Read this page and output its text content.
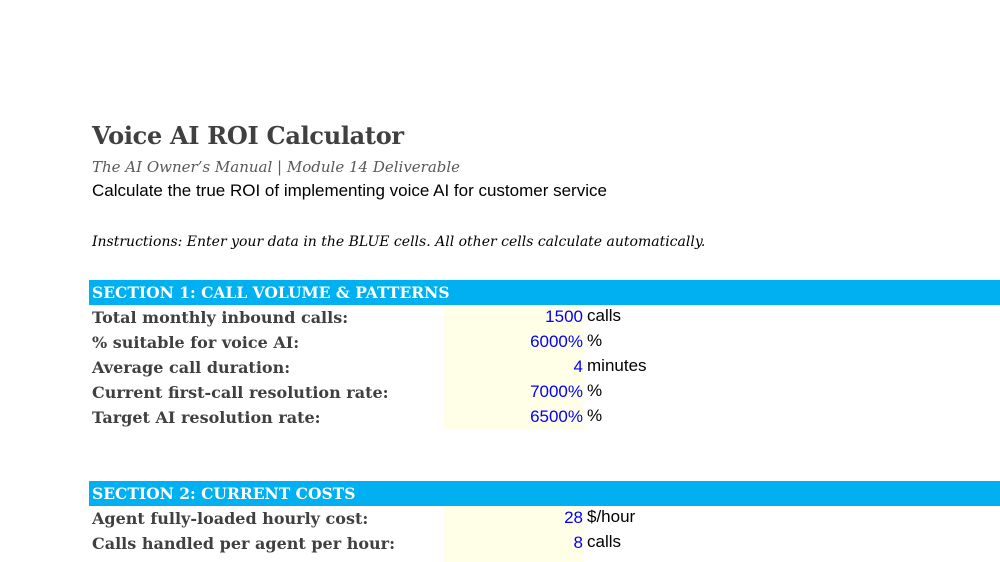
Voice AI ROI Calculator
The AI Owner’s Manual | Module 14 Deliverable
Calculate the true ROI of implementing voice AI for customer service
Instructions: Enter your data in the BLUE cells. All other cells calculate automatically.
SECTION 1: CALL VOLUME & PATTERNS
Total monthly inbound calls:	1500 calls
% suitable for voice AI:	6000% %
Average call duration:	4 minutes
Current first-call resolution rate:	7000% %
Target AI resolution rate:	6500% %
SECTION 2: CURRENT COSTS
Agent fully-loaded hourly cost:	28 $/hour
Calls handled per agent per hour:	8 calls
